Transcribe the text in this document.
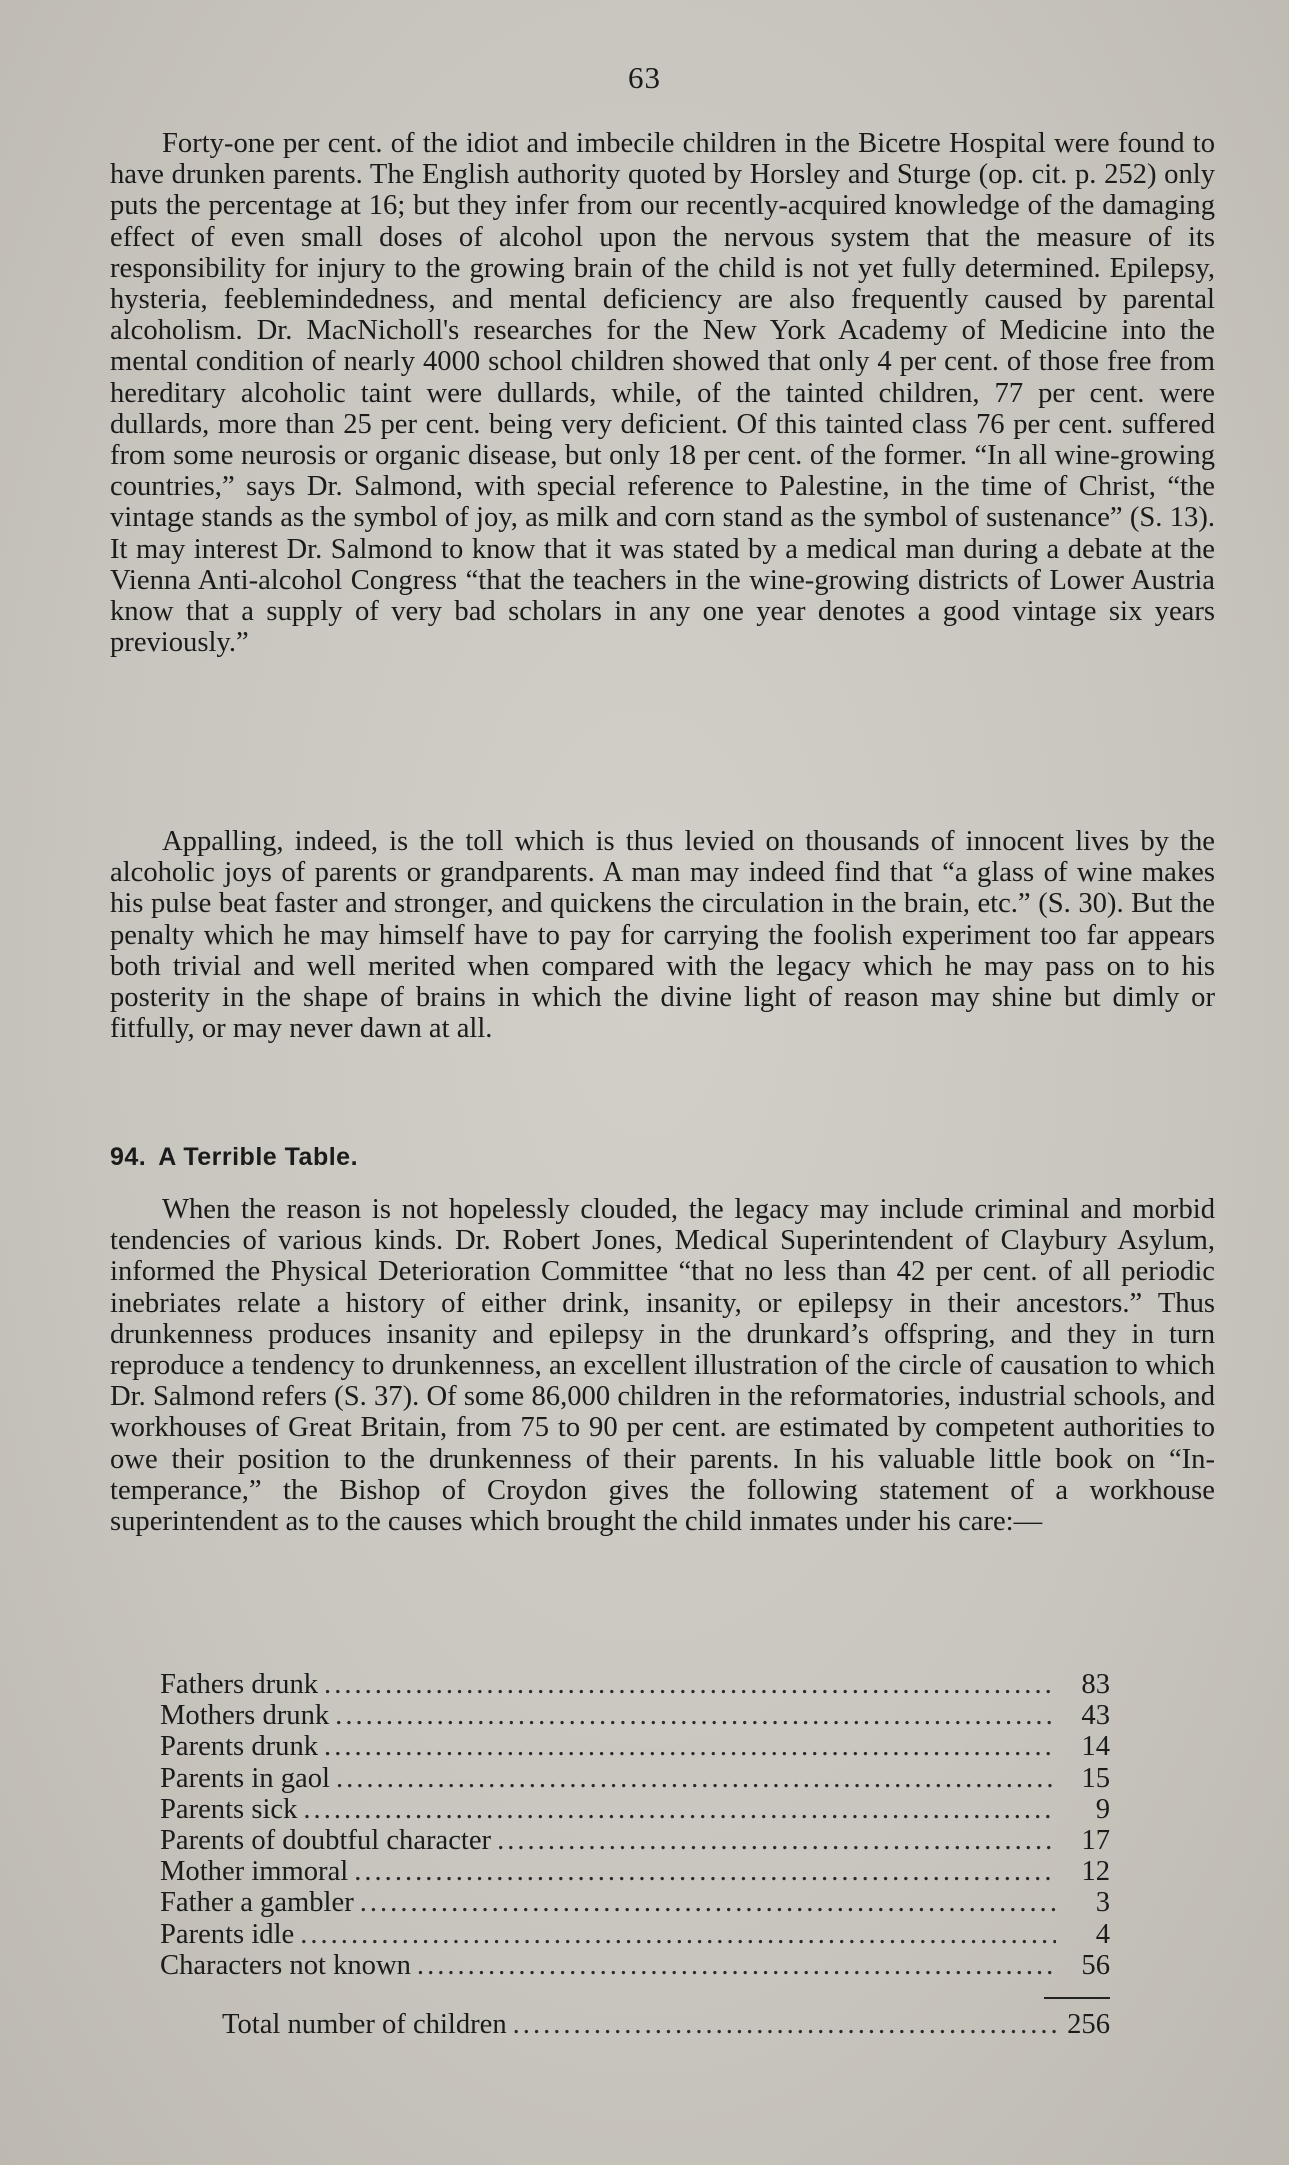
63

Forty-one per cent. of the idiot and imbecile children in the Bicetre Hospital were found to have drunken parents. The English authority quoted by Horsley and Sturge (op. cit. p. 252) only puts the percentage at 16; but they infer from our recently-acquired knowledge of the damaging effect of even small doses of alcohol upon the nervous system that the measure of its responsibility for injury to the growing brain of the child is not yet fully determined. Epilepsy, hysteria, feeblemindedness, and mental deficiency are also frequently caused by parental alcoholism. Dr. MacNicholl's researches for the New York Academy of Medicine into the mental condition of nearly 4000 school children showed that only 4 per cent. of those free from hereditary alcoholic taint were dullards, while, of the tainted children, 77 per cent. were dullards, more than 25 per cent. being very deficient. Of this tainted class 76 per cent. suffered from some neurosis or organic disease, but only 18 per cent. of the former. “In all wine-growing countries,” says Dr. Salmond, with special reference to Palestine, in the time of Christ, “the vintage stands as the symbol of joy, as milk and corn stand as the symbol of sustenance” (S. 13). It may interest Dr. Salmond to know that it was stated by a medical man during a debate at the Vienna Anti-alcohol Congress “that the teachers in the wine-growing districts of Lower Austria know that a supply of very bad scholars in any one year denotes a good vintage six years previously.”

Appalling, indeed, is the toll which is thus levied on thousands of innocent lives by the alcoholic joys of parents or grandparents. A man may indeed find that “a glass of wine makes his pulse beat faster and stronger, and quickens the circulation in the brain, etc.” (S. 30). But the penalty which he may himself have to pay for carrying the foolish experiment too far appears both trivial and well merited when compared with the legacy which he may pass on to his posterity in the shape of brains in which the divine light of reason may shine but dimly or fitfully, or may never dawn at all.

94. A Terrible Table.

When the reason is not hopelessly clouded, the legacy may include criminal and morbid tendencies of various kinds. Dr. Robert Jones, Medical Superintendent of Claybury Asylum, informed the Physical Deterioration Committee “that no less than 42 per cent. of all periodic inebriates relate a history of either drink, insanity, or epilepsy in their ancestors.” Thus drunkenness produces insanity and epilepsy in the drunkard’s offspring, and they in turn reproduce a tendency to drunkenness, an excellent illustration of the circle of causation to which Dr. Salmond refers (S. 37). Of some 86,000 children in the reformatories, industrial schools, and workhouses of Great Britain, from 75 to 90 per cent. are estimated by competent authorities to owe their position to the drunkenness of their parents. In his valuable little book on “Intemperance,” the Bishop of Croydon gives the following statement of a workhouse superintendent as to the causes which brought the child inmates under his care:—

Fathers drunk .....	83
Mothers drunk .....	43
Parents drunk .....	14
Parents in gaol .....	15
Parents sick .....	9
Parents of doubtful character .....	17
Mother immoral .....	12
Father a gambler .....	3
Parents idle .....	4
Characters not known .....	56
Total number of children .....	256
